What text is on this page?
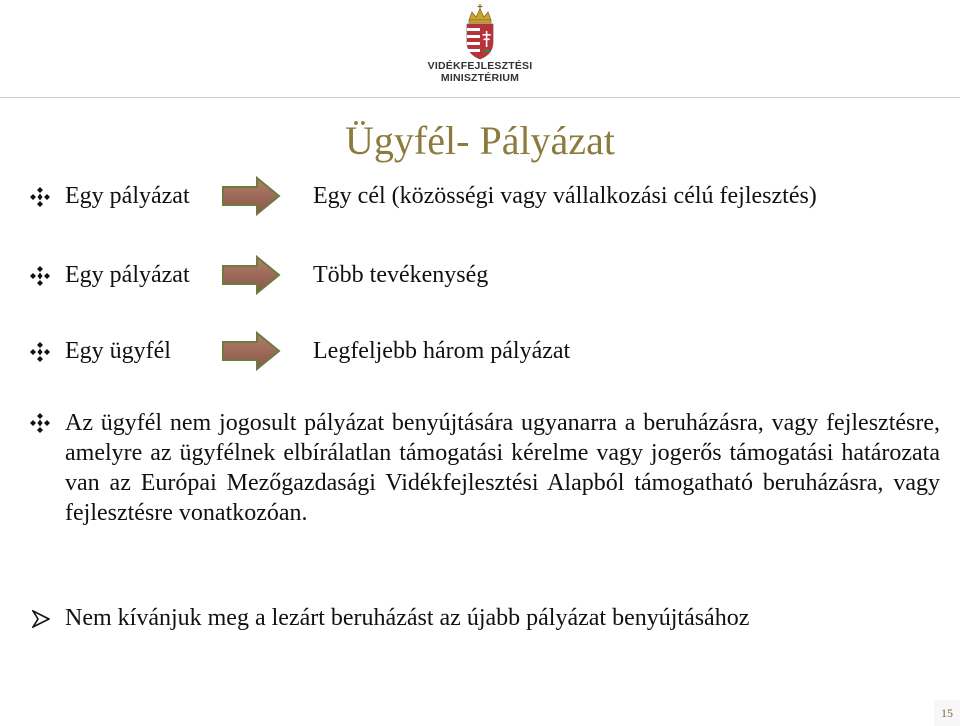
VIDÉKFEJLESZTÉSI
MINISZTÉRIUM
Ügyfél- Pályázat
Egy pályázat	Egy cél (közösségi vagy vállalkozási célú fejlesztés)
Egy pályázat	Több tevékenység
Egy ügyfél	Legfeljebb három pályázat
Az ügyfél nem jogosult pályázat benyújtására ugyanarra a beruházásra, vagy fejlesztésre, amelyre az ügyfélnek elbírálatlan támogatási kérelme vagy jogerős támogatási határozata van az Európai Mezőgazdasági Vidékfejlesztési Alapból támogatható beruházásra, vagy fejlesztésre vonatkozóan.
Nem kívánjuk meg a lezárt beruházást az újabb pályázat benyújtásához
15
